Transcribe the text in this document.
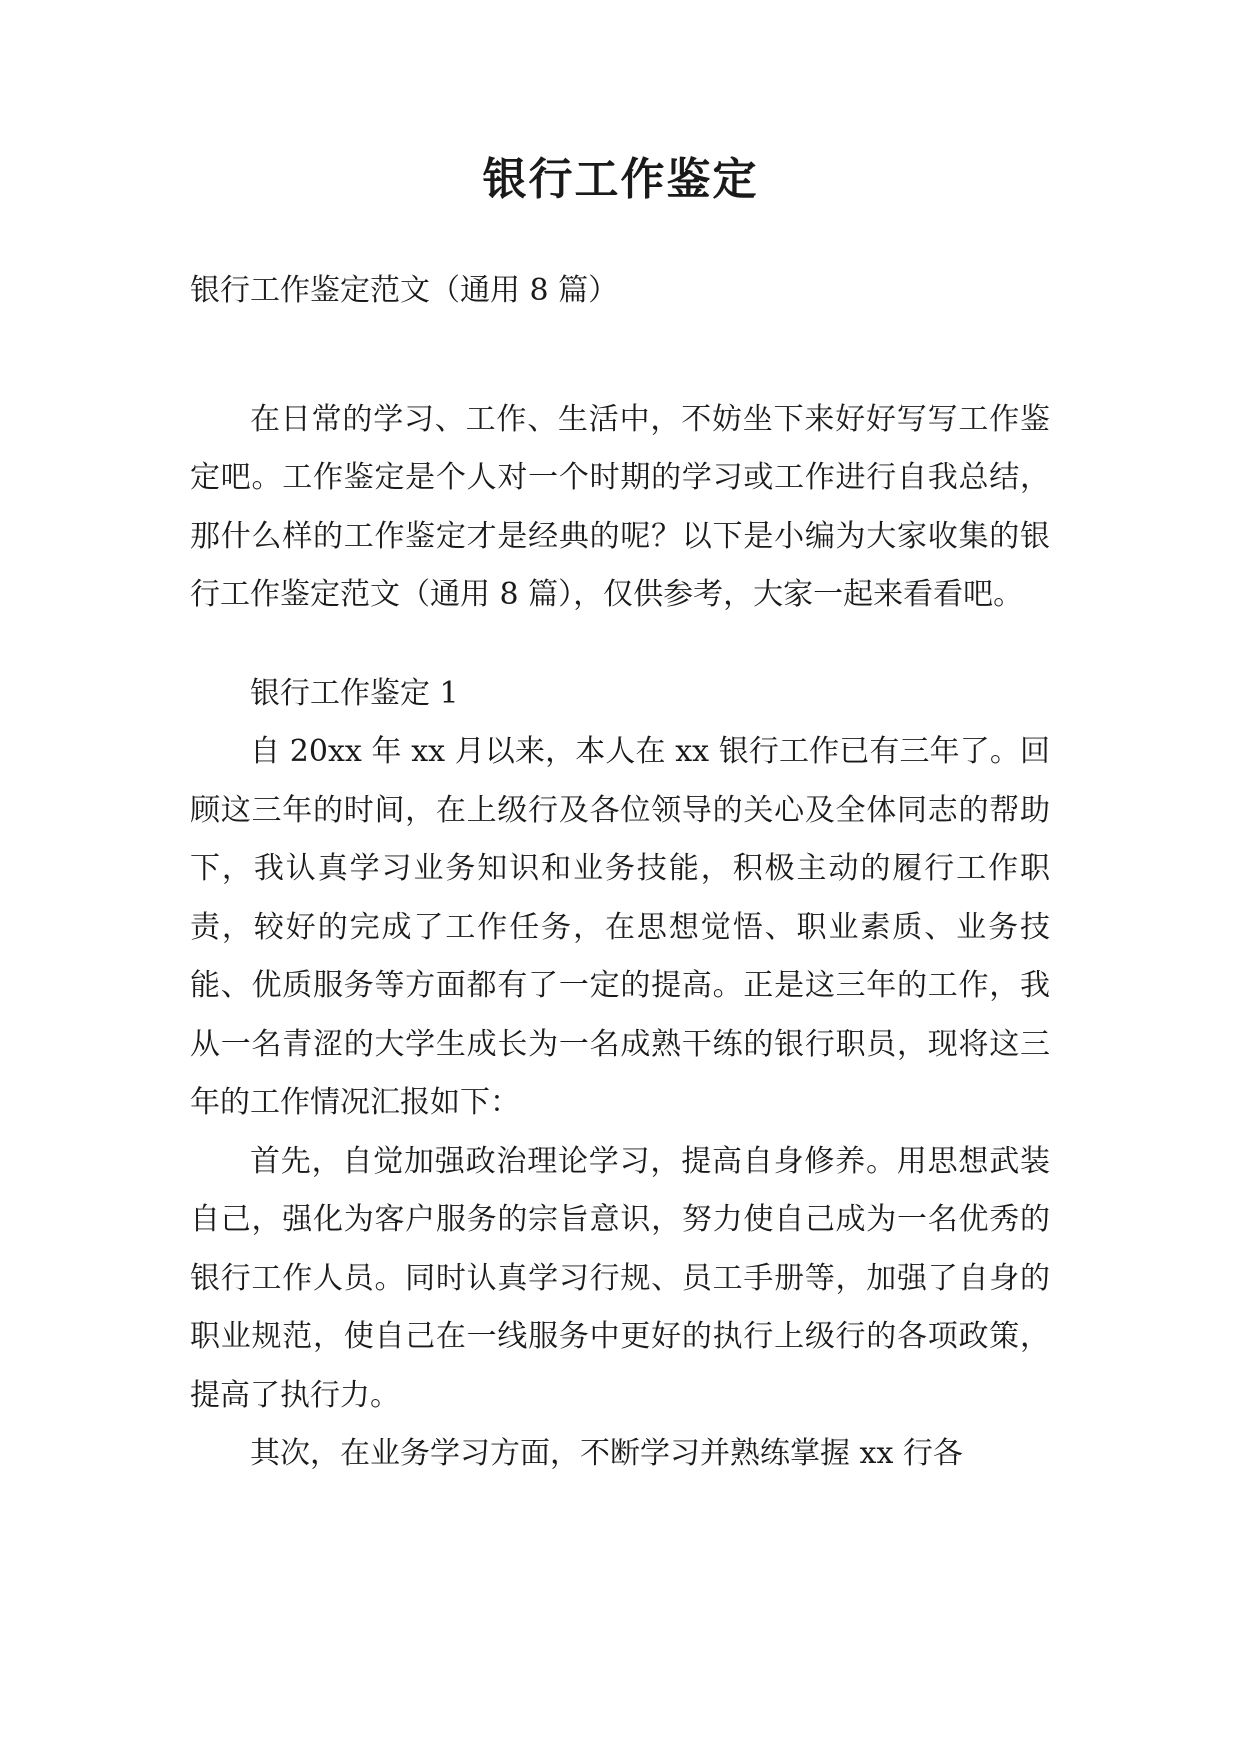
银行工作鉴定

银行工作鉴定范文（通用 8 篇）

在日常的学习、工作、生活中，不妨坐下来好好写写工作鉴定吧。工作鉴定是个人对一个时期的学习或工作进行自我总结，那什么样的工作鉴定才是经典的呢？以下是小编为大家收集的银行工作鉴定范文（通用 8 篇），仅供参考，大家一起来看看吧。

银行工作鉴定 1

自 20xx 年 xx 月以来，本人在 xx 银行工作已有三年了。回顾这三年的时间，在上级行及各位领导的关心及全体同志的帮助下，我认真学习业务知识和业务技能，积极主动的履行工作职责，较好的完成了工作任务，在思想觉悟、职业素质、业务技能、优质服务等方面都有了一定的提高。正是这三年的工作，我从一名青涩的大学生成长为一名成熟干练的银行职员，现将这三年的工作情况汇报如下：

首先，自觉加强政治理论学习，提高自身修养。用思想武装自己，强化为客户服务的宗旨意识，努力使自己成为一名优秀的银行工作人员。同时认真学习行规、员工手册等，加强了自身的职业规范，使自己在一线服务中更好的执行上级行的各项政策，提高了执行力。

其次，在业务学习方面，不断学习并熟练掌握 xx 行各
